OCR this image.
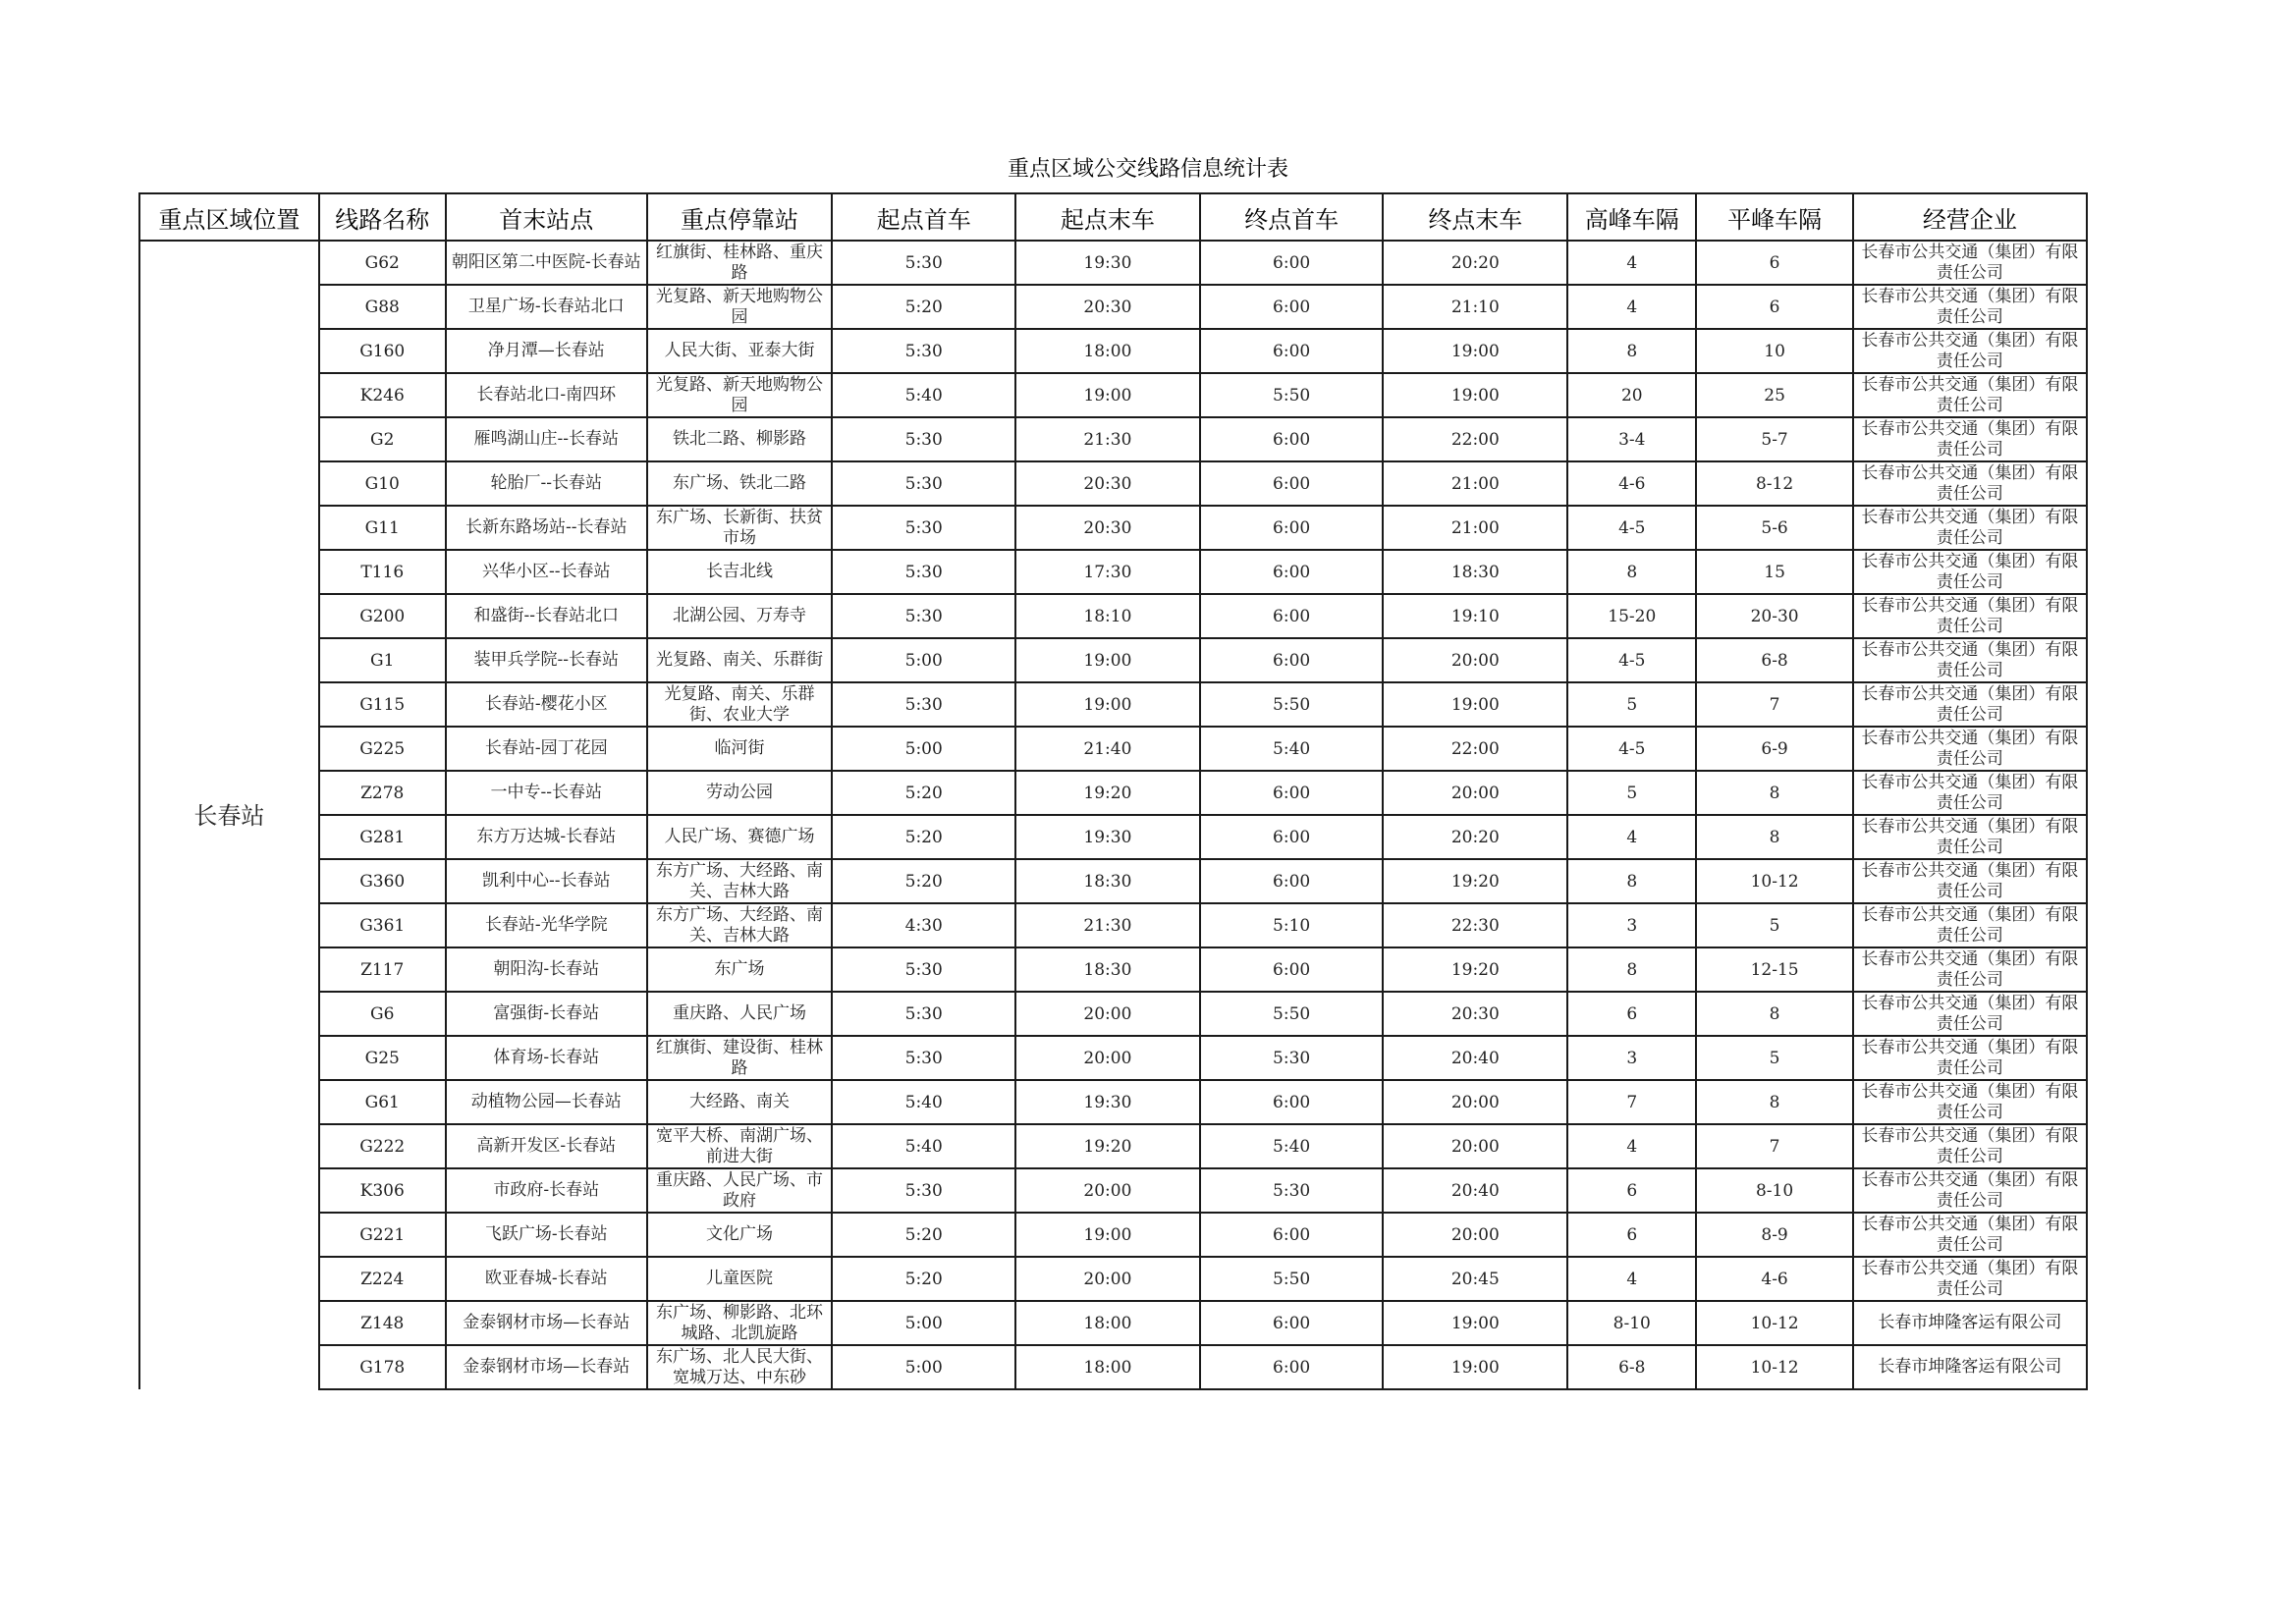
重点区域公交线路信息统计表
重点区域位置	线路名称	首末站点	重点停靠站	起点首车	起点末车	终点首车	终点末车	高峰车隔	平峰车隔	经营企业
长春站	G62	朝阳区第二中医院-长春站	红旗街、桂林路、重庆路	5:30	19:30	6:00	20:20	4	6	长春市公共交通（集团）有限责任公司
	G88	卫星广场-长春站北口	光复路、新天地购物公园	5:20	20:30	6:00	21:10	4	6	长春市公共交通（集团）有限责任公司
	G160	净月潭—长春站	人民大街、亚泰大街	5:30	18:00	6:00	19:00	8	10	长春市公共交通（集团）有限责任公司
	K246	长春站北口-南四环	光复路、新天地购物公园	5:40	19:00	5:50	19:00	20	25	长春市公共交通（集团）有限责任公司
	G2	雁鸣湖山庄--长春站	铁北二路、柳影路	5:30	21:30	6:00	22:00	3-4	5-7	长春市公共交通（集团）有限责任公司
	G10	轮胎厂--长春站	东广场、铁北二路	5:30	20:30	6:00	21:00	4-6	8-12	长春市公共交通（集团）有限责任公司
	G11	长新东路场站--长春站	东广场、长新街、扶贫市场	5:30	20:30	6:00	21:00	4-5	5-6	长春市公共交通（集团）有限责任公司
	T116	兴华小区--长春站	长吉北线	5:30	17:30	6:00	18:30	8	15	长春市公共交通（集团）有限责任公司
	G200	和盛街--长春站北口	北湖公园、万寿寺	5:30	18:10	6:00	19:10	15-20	20-30	长春市公共交通（集团）有限责任公司
	G1	装甲兵学院--长春站	光复路、南关、乐群街	5:00	19:00	6:00	20:00	4-5	6-8	长春市公共交通（集团）有限责任公司
	G115	长春站-樱花小区	光复路、南关、乐群街、农业大学	5:30	19:00	5:50	19:00	5	7	长春市公共交通（集团）有限责任公司
	G225	长春站-园丁花园	临河街	5:00	21:40	5:40	22:00	4-5	6-9	长春市公共交通（集团）有限责任公司
	Z278	一中专--长春站	劳动公园	5:20	19:20	6:00	20:00	5	8	长春市公共交通（集团）有限责任公司
	G281	东方万达城-长春站	人民广场、赛德广场	5:20	19:30	6:00	20:20	4	8	长春市公共交通（集团）有限责任公司
	G360	凯利中心--长春站	东方广场、大经路、南关、吉林大路	5:20	18:30	6:00	19:20	8	10-12	长春市公共交通（集团）有限责任公司
	G361	长春站-光华学院	东方广场、大经路、南关、吉林大路	4:30	21:30	5:10	22:30	3	5	长春市公共交通（集团）有限责任公司
	Z117	朝阳沟-长春站	东广场	5:30	18:30	6:00	19:20	8	12-15	长春市公共交通（集团）有限责任公司
	G6	富强街-长春站	重庆路、人民广场	5:30	20:00	5:50	20:30	6	8	长春市公共交通（集团）有限责任公司
	G25	体育场-长春站	红旗街、建设街、桂林路	5:30	20:00	5:30	20:40	3	5	长春市公共交通（集团）有限责任公司
	G61	动植物公园—长春站	大经路、南关	5:40	19:30	6:00	20:00	7	8	长春市公共交通（集团）有限责任公司
	G222	高新开发区-长春站	宽平大桥、南湖广场、前进大街	5:40	19:20	5:40	20:00	4	7	长春市公共交通（集团）有限责任公司
	K306	市政府-长春站	重庆路、人民广场、市政府	5:30	20:00	5:30	20:40	6	8-10	长春市公共交通（集团）有限责任公司
	G221	飞跃广场-长春站	文化广场	5:20	19:00	6:00	20:00	6	8-9	长春市公共交通（集团）有限责任公司
	Z224	欧亚春城-长春站	儿童医院	5:20	20:00	5:50	20:45	4	4-6	长春市公共交通（集团）有限责任公司
	Z148	金泰钢材市场—长春站	东广场、柳影路、北环城路、北凯旋路	5:00	18:00	6:00	19:00	8-10	10-12	长春市坤隆客运有限公司
	G178	金泰钢材市场—长春站	东广场、北人民大街、宽城万达、中东砂	5:00	18:00	6:00	19:00	6-8	10-12	长春市坤隆客运有限公司
